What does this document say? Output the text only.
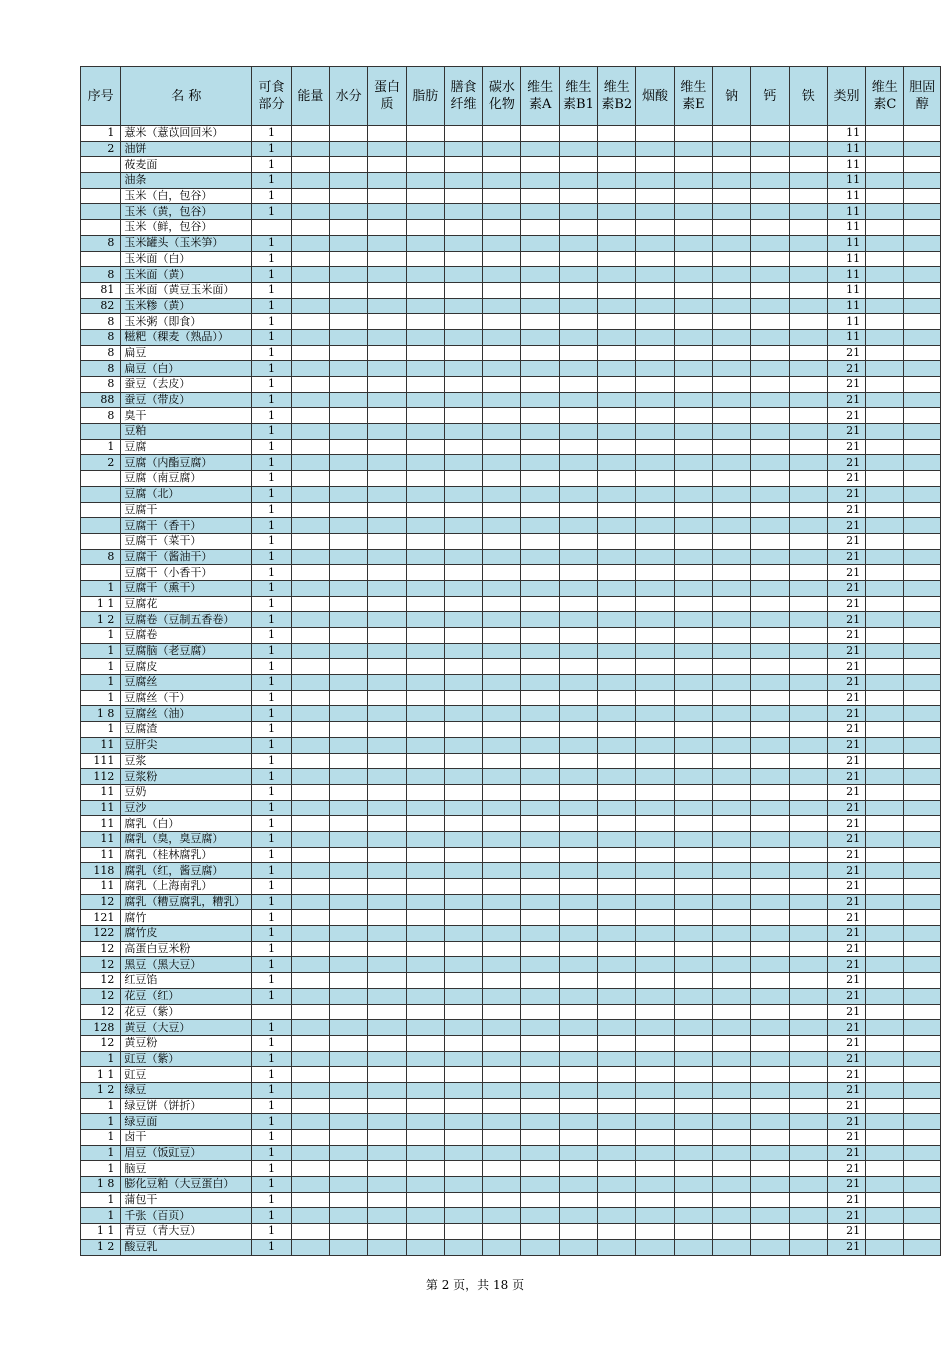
序号	名 称	可食部分	能量	水分	蛋白质	脂肪	膳食纤维	碳水化物	维生素A	维生素B1	维生素B2	烟酸	维生素E	钠	钙	铁	类别	维生素C	胆固醇
1	薏米（薏苡回回米）	1															11		
2	油饼	1															11		
	莜麦面	1															11		
	油条	1															11		
	玉米（白，包谷）	1															11		
	玉米（黄，包谷）	1															11		
	玉米（鲜，包谷）																11		
8	玉米罐头（玉米笋）	1															11		
	玉米面（白）	1															11		
8	玉米面（黄）	1															11		
81	玉米面（黄豆玉米面）	1															11		
82	玉米糁（黄）	1															11		
8	玉米粥（即食）	1															11		
8	糍粑（稞麦（熟品））	1															11		
8	扁豆	1															21		
8	扁豆（白）	1															21		
8	蚕豆（去皮）	1															21		
88	蚕豆（带皮）	1															21		
8	臭干	1															21		
	豆粕	1															21		
1	豆腐	1															21		
2	豆腐（内酯豆腐）	1															21		
	豆腐（南豆腐）	1															21		
	豆腐（北）	1															21		
	豆腐干	1															21		
	豆腐干（香干）	1															21		
	豆腐干（菜干）	1															21		
8	豆腐干（酱油干）	1															21		
	豆腐干（小香干）	1															21		
1	豆腐干（熏干）	1															21		
1 1	豆腐花	1															21		
1 2	豆腐卷（豆制五香卷）	1															21		
1	豆腐卷	1															21		
1	豆腐脑（老豆腐）	1															21		
1	豆腐皮	1															21		
1	豆腐丝	1															21		
1	豆腐丝（干）	1															21		
1 8	豆腐丝（油）	1															21		
1	豆腐渣	1															21		
11	豆肝尖	1															21		
111	豆浆	1															21		
112	豆浆粉	1															21		
11	豆奶	1															21		
11	豆沙	1															21		
11	腐乳（白）	1															21		
11	腐乳（臭，臭豆腐）	1															21		
11	腐乳（桂林腐乳）	1															21		
118	腐乳（红，酱豆腐）	1															21		
11	腐乳（上海南乳）	1															21		
12	腐乳（糟豆腐乳，糟乳）	1															21		
121	腐竹	1															21		
122	腐竹皮	1															21		
12	高蛋白豆米粉	1															21		
12	黑豆（黑大豆）	1															21		
12	红豆馅	1															21		
12	花豆（红）	1															21		
12	花豆（紫）																21		
128	黄豆（大豆）	1															21		
12	黄豆粉	1															21		
1	豇豆（紫）	1															21		
1 1	豇豆	1															21		
1 2	绿豆	1															21		
1	绿豆饼（饼折）	1															21		
1	绿豆面	1															21		
1	卤干	1															21		
1	眉豆（饭豇豆）	1															21		
1	脑豆	1															21		
1 8	膨化豆粕（大豆蛋白）	1															21		
1	蒲包干	1															21		
1	千张（百页）	1															21		
1 1	青豆（青大豆）	1															21		
1 2	酸豆乳	1															21		
第 2 页，共 18 页
